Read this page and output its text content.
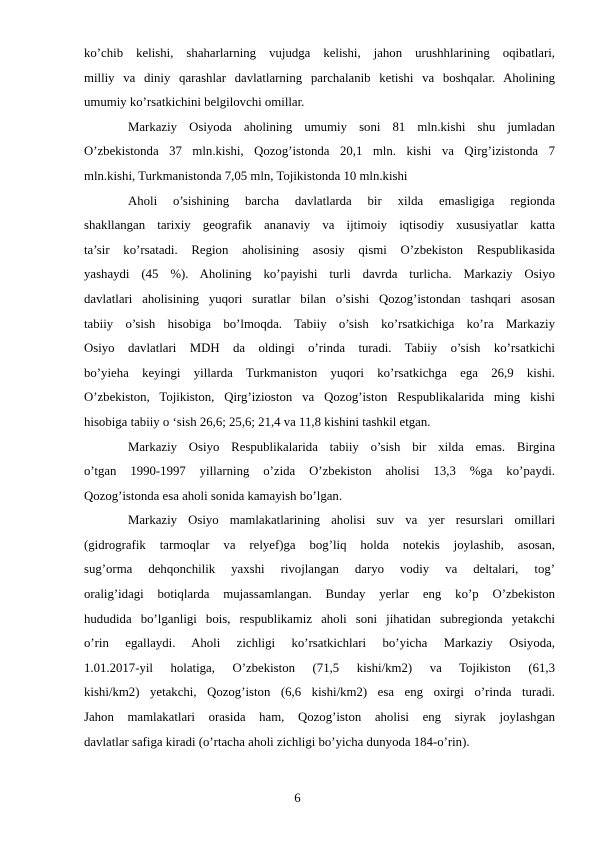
ko’chib kelishi, shaharlarning vujudga kelishi, jahon urushhlarining oqibatlari,
milliy va diniy qarashlar davlatlarning parchalanib ketishi va boshqalar. Aholining
umumiy ko’rsatkichini belgilovchi omillar.
Markaziy Osiyoda aholining umumiy soni 81 mln.kishi shu jumladan
O’zbekistonda 37 mln.kishi, Qozog’istonda 20,1 mln. kishi va Qirg’izistonda 7
mln.kishi, Turkmanistonda 7,05 mln, Tojikistonda 10 mln.kishi
Aholi o’sishining barcha davlatlarda bir xilda emasligiga regionda
shakllangan tarixiy geografik ananaviy va ijtimoiy iqtisodiy xususiyatlar katta
ta’sir ko’rsatadi. Region aholisining asosiy qismi O’zbekiston Respublikasida
yashaydi (45 %). Aholining ko’payishi turli davrda turlicha. Markaziy Osiyo
davlatlari aholisining yuqori suratlar bilan o’sishi Qozog’istondan tashqari asosan
tabiiy o’sish hisobiga bo’lmoqda. Tabiiy o’sish ko’rsatkichiga ko’ra Markaziy
Osiyo davlatlari MDH da oldingi o’rinda turadi. Tabiiy o’sish ko’rsatkichi
bo’yieha keyingi yillarda Turkmaniston yuqori ko’rsatkichga ega 26,9 kishi.
O’zbekiston, Tojikiston, Qirg’izioston va Qozog’iston Respublikalarida ming kishi
hisobiga tabiiy o ‘sish 26,6; 25,6; 21,4 va 11,8 kishini tashkil etgan.
Markaziy Osiyo Respublikalarida tabiiy o’sish bir xilda emas. Birgina
o’tgan 1990-1997 yillarning o’zida O’zbekiston aholisi 13,3 %ga ko’paydi.
Qozog’istonda esa aholi sonida kamayish bo’lgan.
Markaziy Osiyo mamlakatlarining aholisi suv va yer resurslari omillari
(gidrografik tarmoqlar va relyef)ga bog’liq holda notekis joylashib, asosan,
sug’orma dehqonchilik yaxshi rivojlangan daryo vodiy va deltalari, tog’
oralig’idagi botiqlarda mujassamlangan. Bunday yerlar eng ko’p O’zbekiston
hududida bo’lganligi bois, respublikamiz aholi soni jihatidan subregionda yetakchi
o’rin egallaydi. Aholi zichligi ko’rsatkichlari bo’yicha Markaziy Osiyoda,
1.01.2017-yil holatiga, O’zbekiston (71,5 kishi/km2) va Tojikiston (61,3
kishi/km2) yetakchi, Qozog’iston (6,6 kishi/km2) esa eng oxirgi o’rinda turadi.
Jahon mamlakatlari orasida ham, Qozog’iston aholisi eng siyrak joylashgan
davlatlar safiga kiradi (o’rtacha aholi zichligi bo’yicha dunyoda 184-o’rin).
6
